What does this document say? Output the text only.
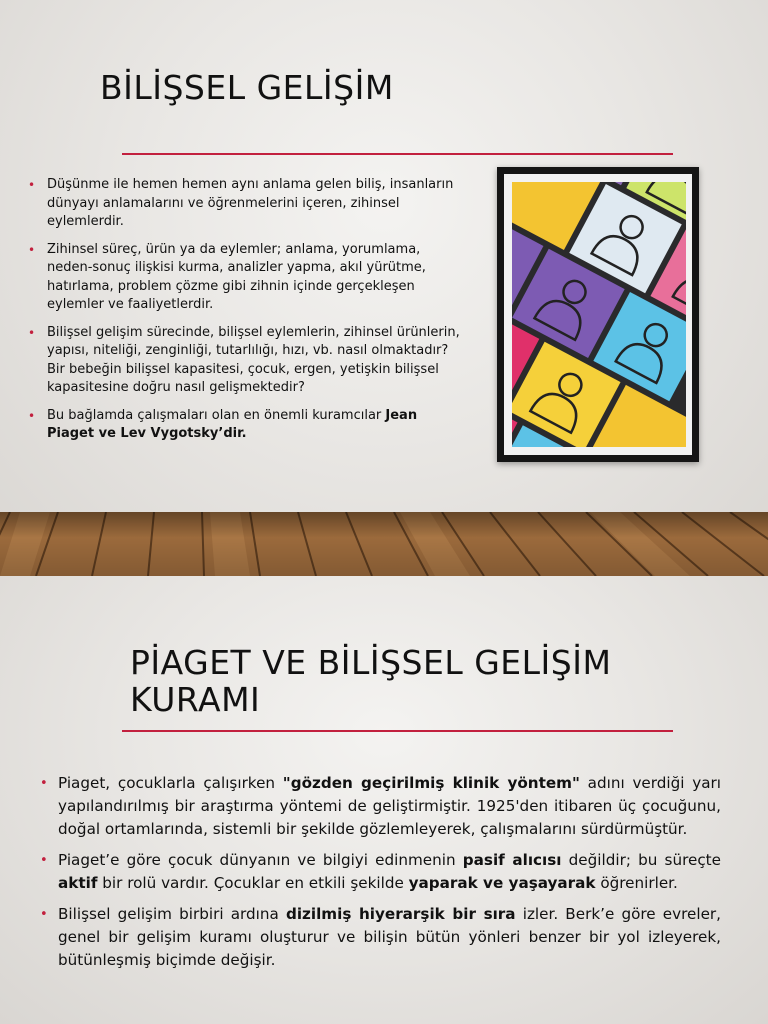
BİLİŞSEL GELİŞİM
• Düşünme ile hemen hemen aynı anlama gelen biliş, insanların dünyayı anlamalarını ve öğrenmelerini içeren, zihinsel eylemlerdir.
• Zihinsel süreç, ürün ya da eylemler; anlama, yorumlama, neden-sonuç ilişkisi kurma, analizler yapma, akıl yürütme, hatırlama, problem çözme gibi zihnin içinde gerçekleşen eylemler ve faaliyetlerdir.
• Bilişsel gelişim sürecinde, bilişsel eylemlerin, zihinsel ürünlerin, yapısı, niteliği, zenginliği, tutarlılığı, hızı, vb. nasıl olmaktadır? Bir bebeğin bilişsel kapasitesi, çocuk, ergen, yetişkin bilişsel kapasitesine doğru nasıl gelişmektedir?
• Bu bağlamda çalışmaları olan en önemli kuramcılar Jean Piaget ve Lev Vygotsky’dir.
PİAGET VE BİLİŞSEL GELİŞİM
KURAMI
• Piaget, çocuklarla çalışırken "gözden geçirilmiş klinik yöntem" adını verdiği yarı yapılandırılmış bir araştırma yöntemi de geliştirmiştir. 1925'den itibaren üç çocuğunu, doğal ortamlarında, sistemli bir şekilde gözlemleyerek, çalışmalarını sürdürmüştür.
• Piaget’e göre çocuk dünyanın ve bilgiyi edinmenin pasif alıcısı değildir; bu süreçte aktif bir rolü vardır. Çocuklar en etkili şekilde yaparak ve yaşayarak öğrenirler.
• Bilişsel gelişim birbiri ardına dizilmiş hiyerarşik bir sıra izler. Berk’e göre evreler, genel bir gelişim kuramı oluşturur ve bilişin bütün yönleri benzer bir yol izleyerek, bütünleşmiş biçimde değişir.
